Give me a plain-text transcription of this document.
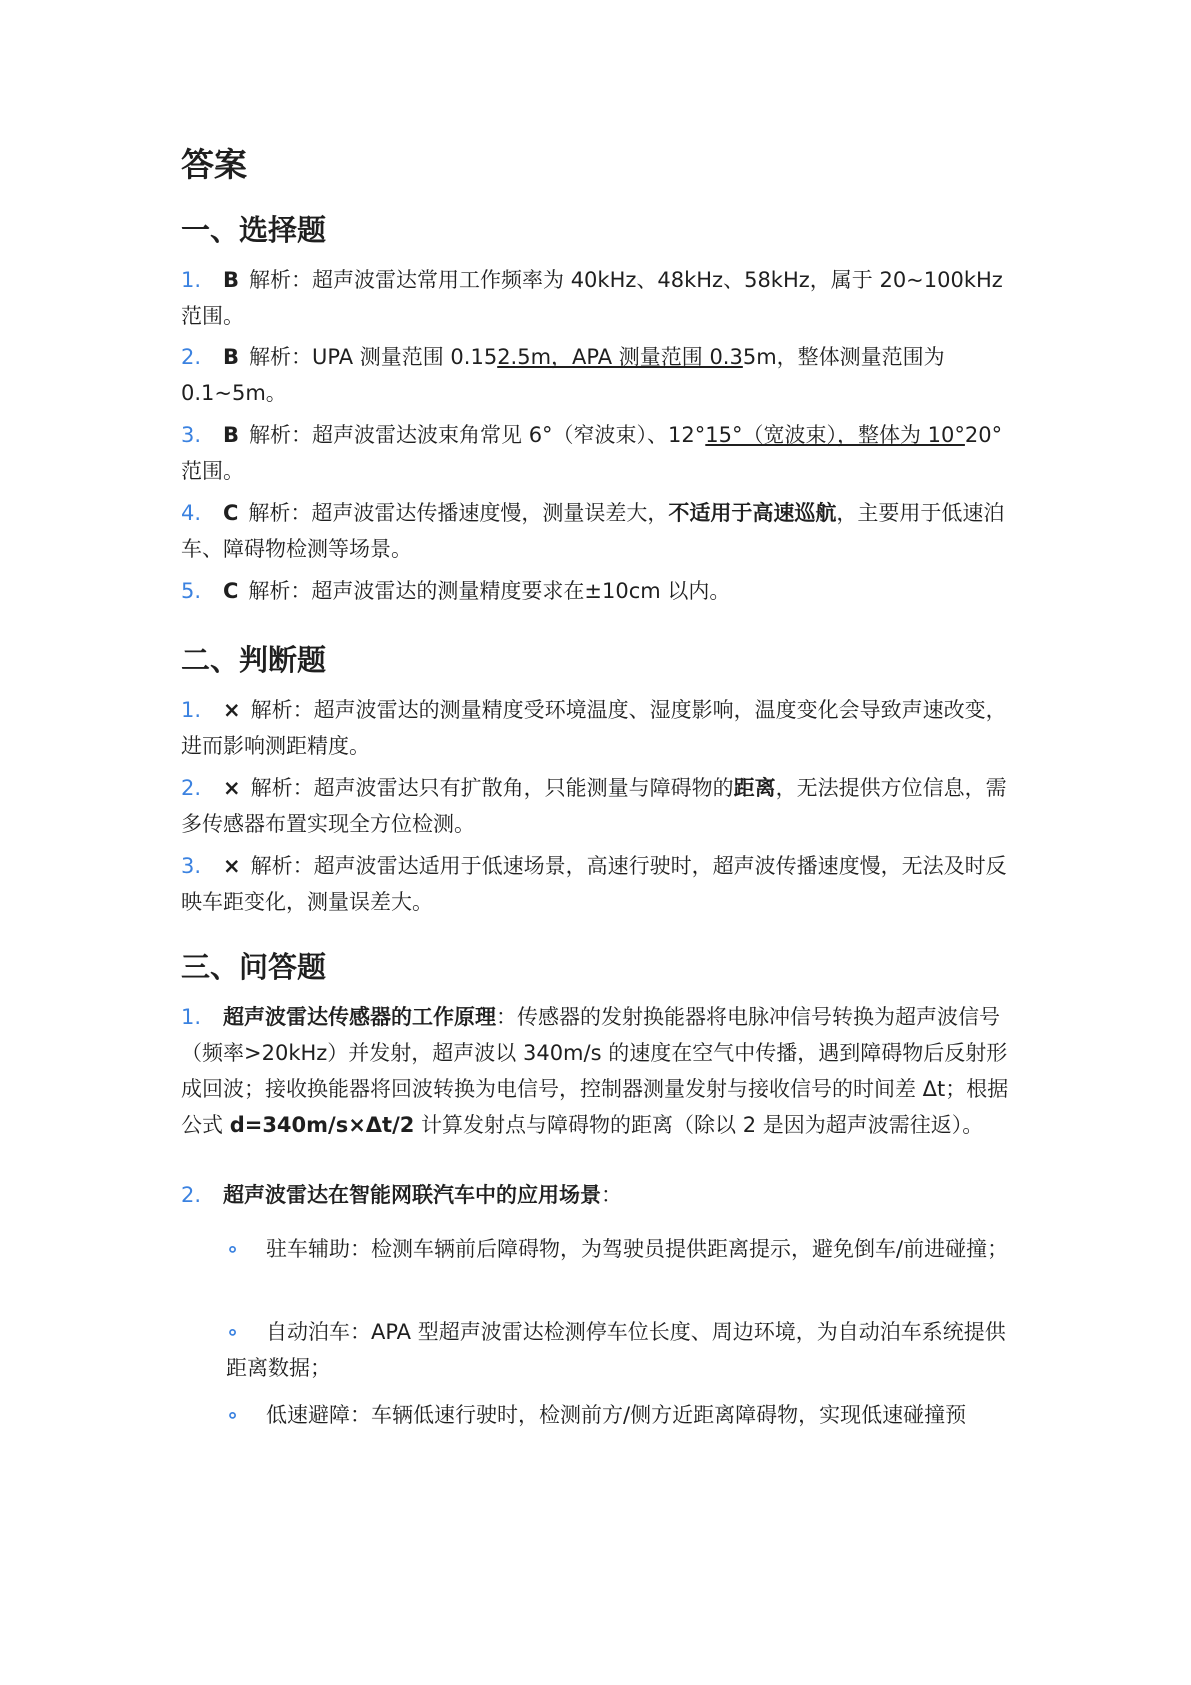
答案
一、选择题

1. B 解析：超声波雷达常用工作频率为 40kHz、48kHz、58kHz，属于 20~100kHz 范围。

2. B 解析：UPA 测量范围 0.152.5m，APA 测量范围 0.35m，整体测量范围为 0.1~5m。

3. B 解析：超声波雷达波束角常见 6°（窄波束）、12°15°（宽波束），整体为 10°20° 范围。

4. C 解析：超声波雷达传播速度慢，测量误差大，不适用于高速巡航，主要用于低速泊车、障碍物检测等场景。

5. C 解析：超声波雷达的测量精度要求在±10cm 以内。

二、判断题

1. × 解析：超声波雷达的测量精度受环境温度、湿度影响，温度变化会导致声速改变，进而影响测距精度。

2. × 解析：超声波雷达只有扩散角，只能测量与障碍物的距离，无法提供方位信息，需多传感器布置实现全方位检测。

3. × 解析：超声波雷达适用于低速场景，高速行驶时，超声波传播速度慢，无法及时反映车距变化，测量误差大。

三、问答题

1. 超声波雷达传感器的工作原理：传感器的发射换能器将电脉冲信号转换为超声波信号（频率>20kHz）并发射，超声波以 340m/s 的速度在空气中传播，遇到障碍物后反射形成回波；接收换能器将回波转换为电信号，控制器测量发射与接收信号的时间差 Δt；根据公式 d=340m/s×Δt/2 计算发射点与障碍物的距离（除以 2 是因为超声波需往返）。

2. 超声波雷达在智能网联汽车中的应用场景：

∘ 驻车辅助：检测车辆前后障碍物，为驾驶员提供距离提示，避免倒车/前进碰撞；

∘ 自动泊车：APA 型超声波雷达检测停车位长度、周边环境，为自动泊车系统提供距离数据；

∘ 低速避障：车辆低速行驶时，检测前方/侧方近距离障碍物，实现低速碰撞预
